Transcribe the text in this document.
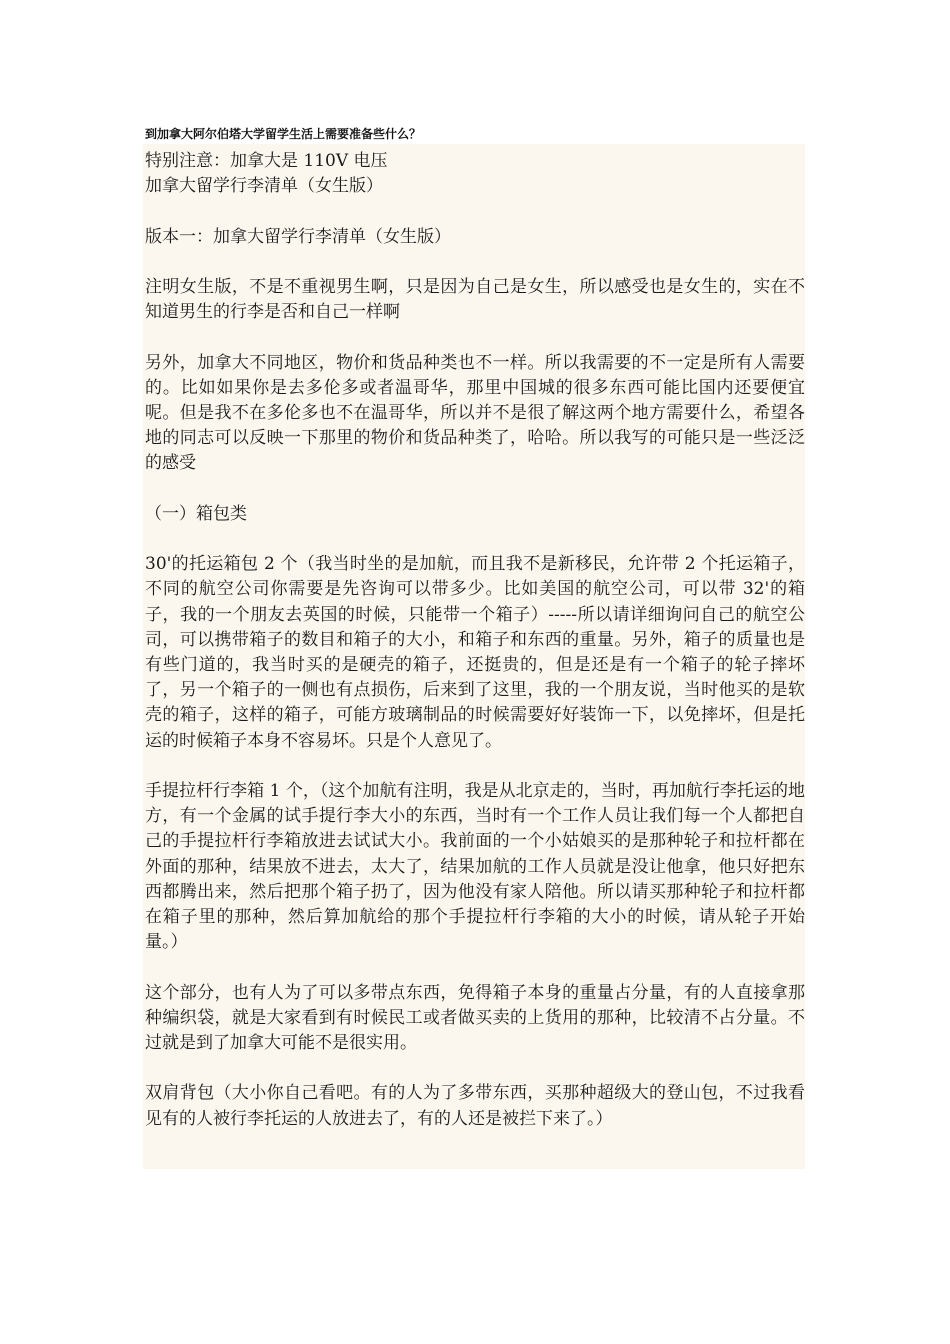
到加拿大阿尔伯塔大学留学生活上需要准备些什么？

特别注意：加拿大是 110V 电压

加拿大留学行李清单（女生版）

版本一：加拿大留学行李清单（女生版）

注明女生版，不是不重视男生啊，只是因为自己是女生，所以感受也是女生的，实在不知道男生的行李是否和自己一样啊

另外，加拿大不同地区，物价和货品种类也不一样。所以我需要的不一定是所有人需要的。比如如果你是去多伦多或者温哥华，那里中国城的很多东西可能比国内还要便宜呢。但是我不在多伦多也不在温哥华，所以并不是很了解这两个地方需要什么，希望各地的同志可以反映一下那里的物价和货品种类了，哈哈。所以我写的可能只是一些泛泛的感受

（一）箱包类

30'的托运箱包 2 个（我当时坐的是加航，而且我不是新移民，允许带 2 个托运箱子，不同的航空公司你需要是先咨询可以带多少。比如美国的航空公司，可以带 32'的箱子，我的一个朋友去英国的时候，只能带一个箱子）-----所以请详细询问自己的航空公司，可以携带箱子的数目和箱子的大小，和箱子和东西的重量。另外，箱子的质量也是有些门道的，我当时买的是硬壳的箱子，还挺贵的，但是还是有一个箱子的轮子摔坏了，另一个箱子的一侧也有点损伤，后来到了这里，我的一个朋友说，当时他买的是软壳的箱子，这样的箱子，可能方玻璃制品的时候需要好好装饰一下，以免摔坏，但是托运的时候箱子本身不容易坏。只是个人意见了。

手提拉杆行李箱 1 个，（这个加航有注明，我是从北京走的，当时，再加航行李托运的地方，有一个金属的试手提行李大小的东西，当时有一个工作人员让我们每一个人都把自己的手提拉杆行李箱放进去试试大小。我前面的一个小姑娘买的是那种轮子和拉杆都在外面的那种，结果放不进去，太大了，结果加航的工作人员就是没让他拿，他只好把东西都腾出来，然后把那个箱子扔了，因为他没有家人陪他。所以请买那种轮子和拉杆都在箱子里的那种，然后算加航给的那个手提拉杆行李箱的大小的时候，请从轮子开始量。）

这个部分，也有人为了可以多带点东西，免得箱子本身的重量占分量，有的人直接拿那种编织袋，就是大家看到有时候民工或者做买卖的上货用的那种，比较清不占分量。不过就是到了加拿大可能不是很实用。

双肩背包（大小你自己看吧。有的人为了多带东西，买那种超级大的登山包，不过我看见有的人被行李托运的人放进去了，有的人还是被拦下来了。）
